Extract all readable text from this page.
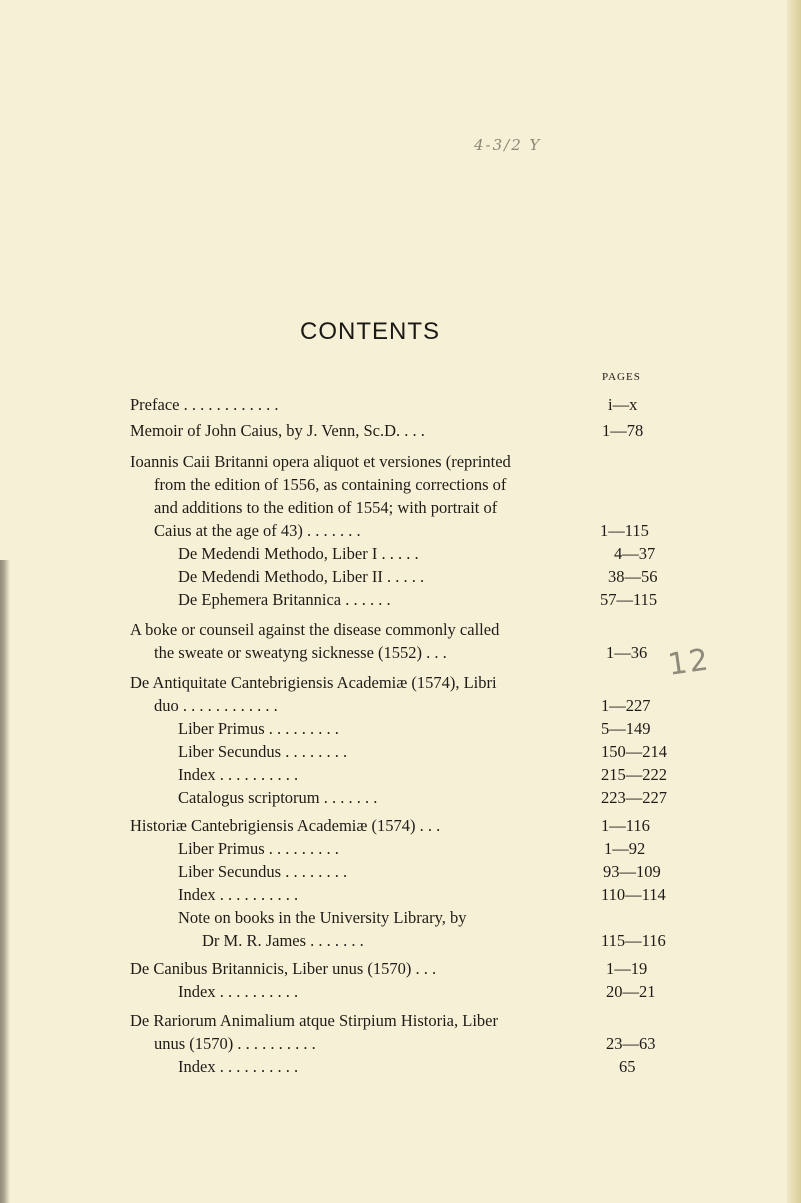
4-3/2 Y
CONTENTS
PAGES
Preface . . . . . . . . . . . .	i—x
Memoir of John Caius, by J. Venn, Sc.D. . . .	1—78
Ioannis Caii Britanni opera aliquot et versiones (reprinted
from the edition of 1556, as containing corrections of
and additions to the edition of 1554; with portrait of
Caius at the age of 43) . . . . . . .	1—115
De Medendi Methodo, Liber I . . . . .	4—37
De Medendi Methodo, Liber II . . . . .	38—56
De Ephemera Britannica . . . . . .	57—115
A boke or counseil against the disease commonly called
the sweate or sweatyng sicknesse (1552) . . .	1—36
De Antiquitate Cantebrigiensis Academiæ (1574), Libri
duo . . . . . . . . . . . .	1—227
Liber Primus . . . . . . . . .	5—149
Liber Secundus . . . . . . . .	150—214
Index . . . . . . . . . .	215—222
Catalogus scriptorum . . . . . . .	223—227
Historiæ Cantebrigiensis Academiæ (1574) . . .	1—116
Liber Primus . . . . . . . . .	1—92
Liber Secundus . . . . . . . .	93—109
Index . . . . . . . . . .	110—114
Note on books in the University Library, by
Dr M. R. James . . . . . . .	115—116
De Canibus Britannicis, Liber unus (1570) . . .	1—19
Index . . . . . . . . . .	20—21
De Rariorum Animalium atque Stirpium Historia, Liber
unus (1570) . . . . . . . . . .	23—63
Index . . . . . . . . . .	65
12
